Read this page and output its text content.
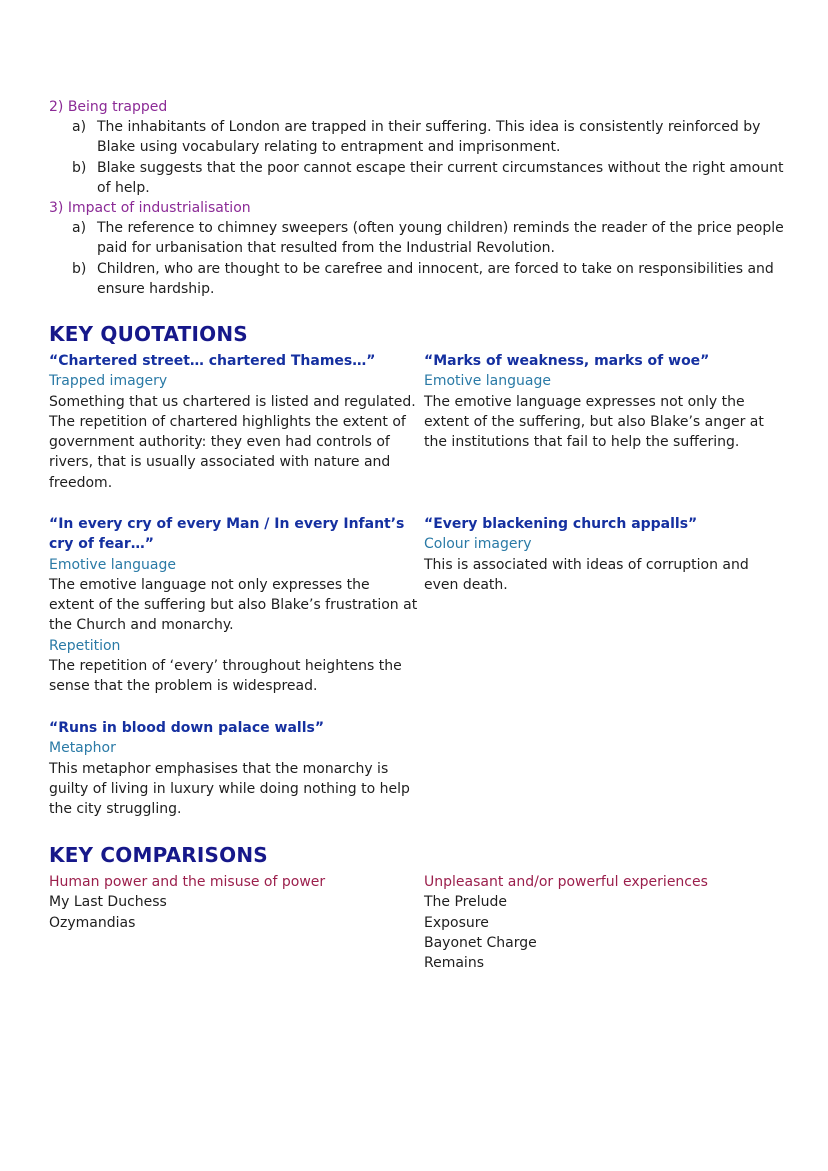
2) Being trapped
a) The inhabitants of London are trapped in their suffering. This idea is consistently reinforced by Blake using vocabulary relating to entrapment and imprisonment.
b) Blake suggests that the poor cannot escape their current circumstances without the right amount of help.
3) Impact of industrialisation
a) The reference to chimney sweepers (often young children) reminds the reader of the price people paid for urbanisation that resulted from the Industrial Revolution.
b) Children, who are thought to be carefree and innocent, are forced to take on responsibilities and ensure hardship.
KEY QUOTATIONS
“Chartered street… chartered Thames…”
Trapped imagery
Something that us chartered is listed and regulated. The repetition of chartered highlights the extent of government authority: they even had controls of rivers, that is usually associated with nature and freedom.
“Marks of weakness, marks of woe”
Emotive language
The emotive language expresses not only the extent of the suffering, but also Blake’s anger at the institutions that fail to help the suffering.
“In every cry of every Man / In every Infant’s cry of fear…”
Emotive language
The emotive language not only expresses the extent of the suffering but also Blake’s frustration at the Church and monarchy.
Repetition
The repetition of ‘every’ throughout heightens the sense that the problem is widespread.
“Every blackening church appalls”
Colour imagery
This is associated with ideas of corruption and even death.
“Runs in blood down palace walls”
Metaphor
This metaphor emphasises that the monarchy is guilty of living in luxury while doing nothing to help the city struggling.
KEY COMPARISONS
Human power and the misuse of power
My Last Duchess
Ozymandias
Unpleasant and/or powerful experiences
The Prelude
Exposure
Bayonet Charge
Remains
